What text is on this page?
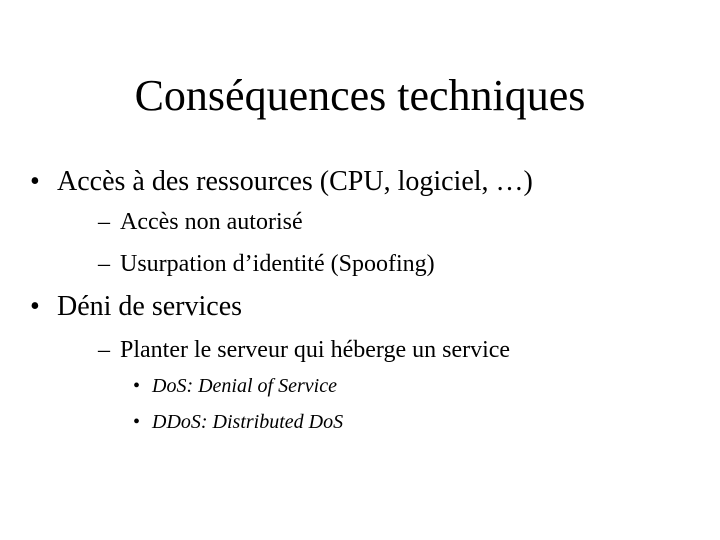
Conséquences techniques
• Accès à des ressources (CPU, logiciel, …)
– Accès non autorisé
– Usurpation d’identité (Spoofing)
• Déni de services
– Planter le serveur qui héberge un service
• DoS: Denial of Service
• DDoS: Distributed DoS
